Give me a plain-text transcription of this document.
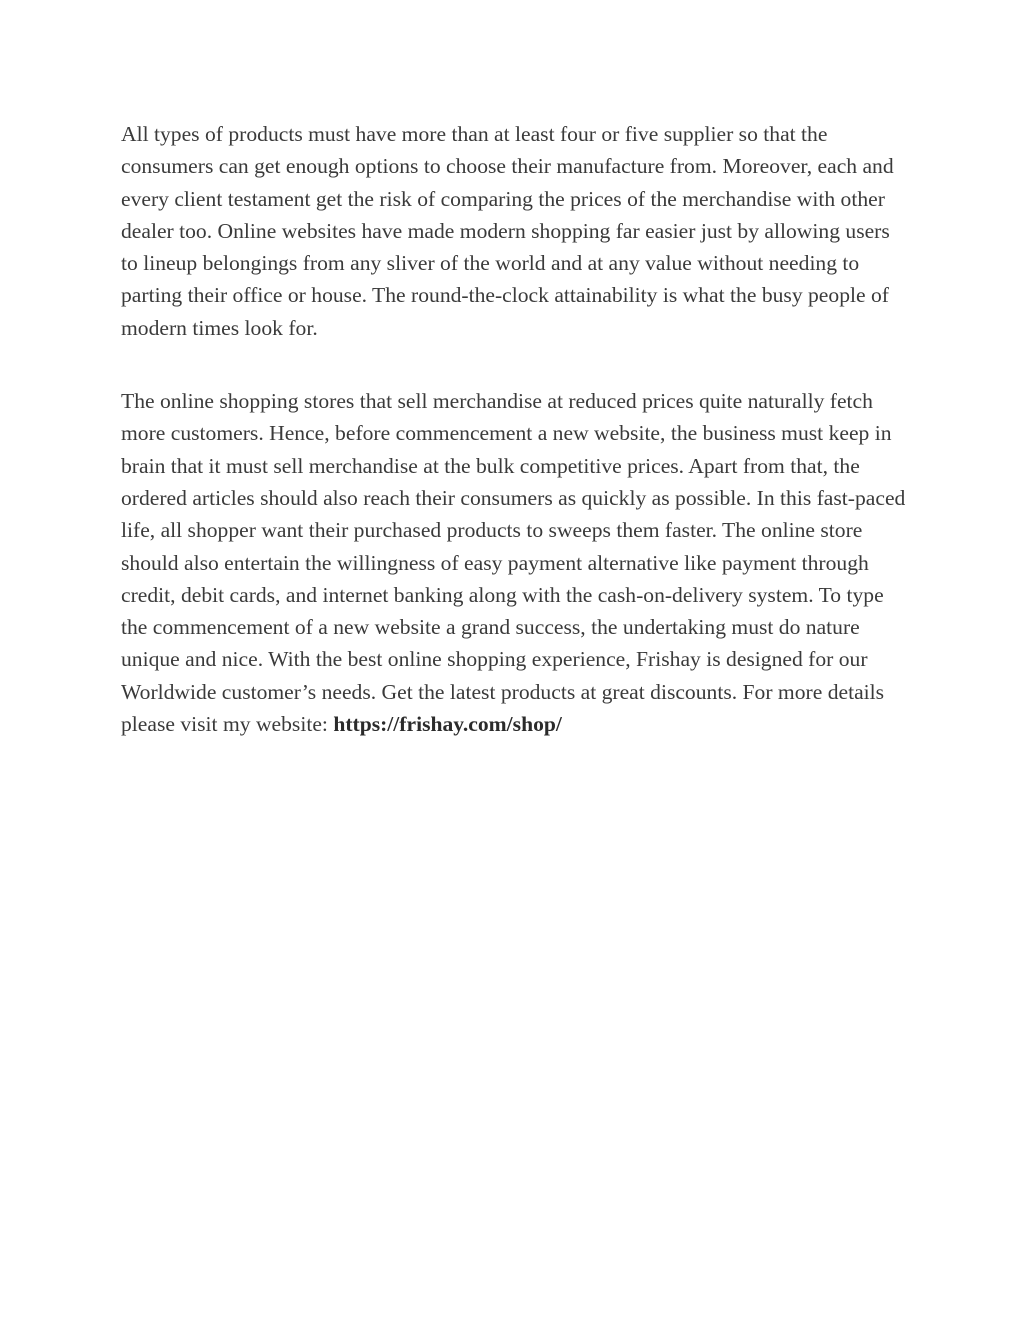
All types of products must have more than at least four or five supplier so that the consumers can get enough options to choose their manufacture from. Moreover, each and every client testament get the risk of comparing the prices of the merchandise with other dealer too. Online websites have made modern shopping far easier just by allowing users to lineup belongings from any sliver of the world and at any value without needing to parting their office or house. The round-the-clock attainability is what the busy people of modern times look for.

The online shopping stores that sell merchandise at reduced prices quite naturally fetch more customers. Hence, before commencement a new website, the business must keep in brain that it must sell merchandise at the bulk competitive prices. Apart from that, the ordered articles should also reach their consumers as quickly as possible. In this fast-paced life, all shopper want their purchased products to sweeps them faster. The online store should also entertain the willingness of easy payment alternative like payment through credit, debit cards, and internet banking along with the cash-on-delivery system. To type the commencement of a new website a grand success, the undertaking must do nature unique and nice. With the best online shopping experience, Frishay is designed for our Worldwide customer’s needs. Get the latest products at great discounts. For more details please visit my website: https://frishay.com/shop/
